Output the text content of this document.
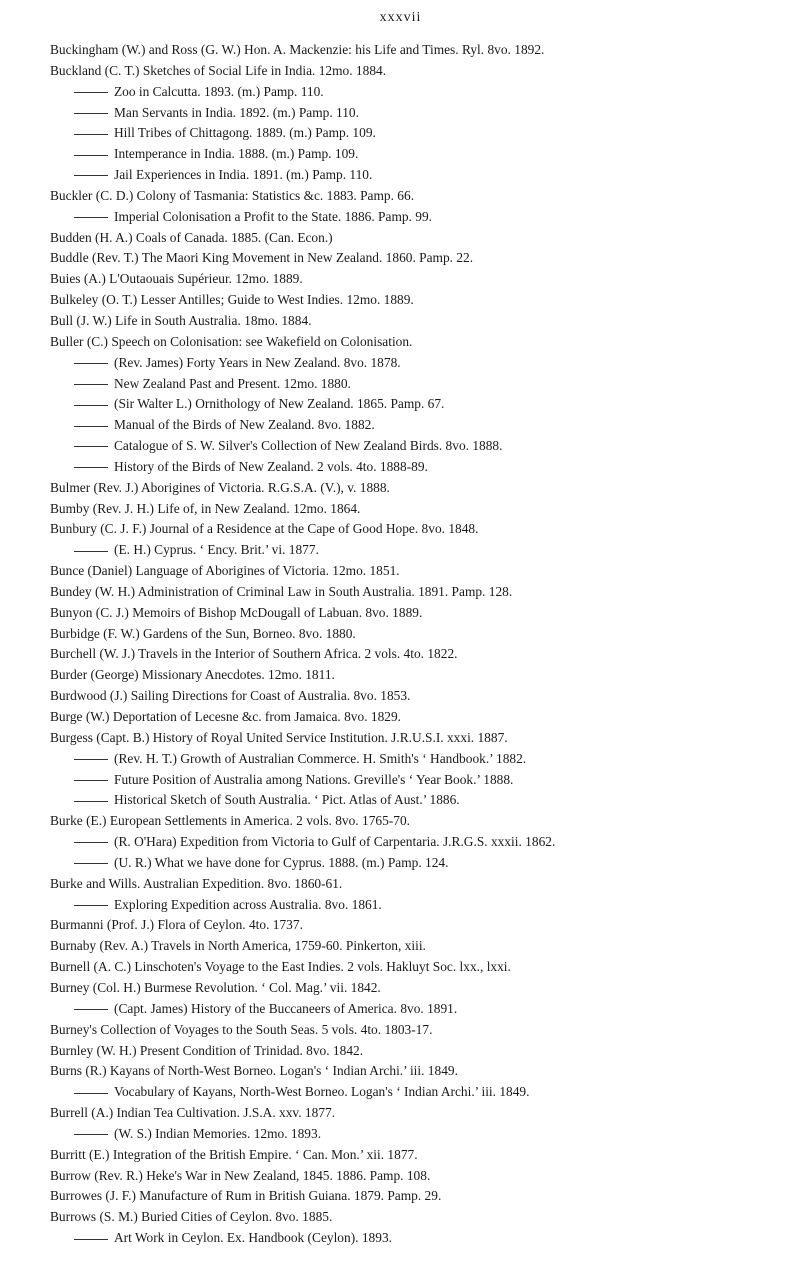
xxxvii
Buckingham (W.) and Ross (G. W.) Hon. A. Mackenzie: his Life and Times. Ryl. 8vo. 1892.
Buckland (C. T.) Sketches of Social Life in India. 12mo. 1884.
Zoo in Calcutta. 1893. (m.) Pamp. 110.
Man Servants in India. 1892. (m.) Pamp. 110.
Hill Tribes of Chittagong. 1889. (m.) Pamp. 109.
Intemperance in India. 1888. (m.) Pamp. 109.
Jail Experiences in India. 1891. (m.) Pamp. 110.
Buckler (C. D.) Colony of Tasmania: Statistics &c. 1883. Pamp. 66.
Imperial Colonisation a Profit to the State. 1886. Pamp. 99.
Budden (H. A.) Coals of Canada. 1885. (Can. Econ.)
Buddle (Rev. T.) The Maori King Movement in New Zealand. 1860. Pamp. 22.
Buies (A.) L'Outaouais Supérieur. 12mo. 1889.
Bulkeley (O. T.) Lesser Antilles; Guide to West Indies. 12mo. 1889.
Bull (J. W.) Life in South Australia. 18mo. 1884.
Buller (C.) Speech on Colonisation: see Wakefield on Colonisation.
(Rev. James) Forty Years in New Zealand. 8vo. 1878.
New Zealand Past and Present. 12mo. 1880.
(Sir Walter L.) Ornithology of New Zealand. 1865. Pamp. 67.
Manual of the Birds of New Zealand. 8vo. 1882.
Catalogue of S. W. Silver's Collection of New Zealand Birds. 8vo. 1888.
History of the Birds of New Zealand. 2 vols. 4to. 1888-89.
Bulmer (Rev. J.) Aborigines of Victoria. R.G.S.A. (V.), v. 1888.
Bumby (Rev. J. H.) Life of, in New Zealand. 12mo. 1864.
Bunbury (C. J. F.) Journal of a Residence at the Cape of Good Hope. 8vo. 1848.
(E. H.) Cyprus. ‘ Ency. Brit.’ vi. 1877.
Bunce (Daniel) Language of Aborigines of Victoria. 12mo. 1851.
Bundey (W. H.) Administration of Criminal Law in South Australia. 1891. Pamp. 128.
Bunyon (C. J.) Memoirs of Bishop McDougall of Labuan. 8vo. 1889.
Burbidge (F. W.) Gardens of the Sun, Borneo. 8vo. 1880.
Burchell (W. J.) Travels in the Interior of Southern Africa. 2 vols. 4to. 1822.
Burder (George) Missionary Anecdotes. 12mo. 1811.
Burdwood (J.) Sailing Directions for Coast of Australia. 8vo. 1853.
Burge (W.) Deportation of Lecesne &c. from Jamaica. 8vo. 1829.
Burgess (Capt. B.) History of Royal United Service Institution. J.R.U.S.I. xxxi. 1887.
(Rev. H. T.) Growth of Australian Commerce. H. Smith's ‘ Handbook.’ 1882.
Future Position of Australia among Nations. Greville's ‘ Year Book.’ 1888.
Historical Sketch of South Australia. ‘ Pict. Atlas of Aust.’ 1886.
Burke (E.) European Settlements in America. 2 vols. 8vo. 1765-70.
(R. O'Hara) Expedition from Victoria to Gulf of Carpentaria. J.R.G.S. xxxii. 1862.
(U. R.) What we have done for Cyprus. 1888. (m.) Pamp. 124.
Burke and Wills. Australian Expedition. 8vo. 1860-61.
Exploring Expedition across Australia. 8vo. 1861.
Burmanni (Prof. J.) Flora of Ceylon. 4to. 1737.
Burnaby (Rev. A.) Travels in North America, 1759-60. Pinkerton, xiii.
Burnell (A. C.) Linschoten's Voyage to the East Indies. 2 vols. Hakluyt Soc. lxx., lxxi.
Burney (Col. H.) Burmese Revolution. ‘ Col. Mag.’ vii. 1842.
(Capt. James) History of the Buccaneers of America. 8vo. 1891.
Burney's Collection of Voyages to the South Seas. 5 vols. 4to. 1803-17.
Burnley (W. H.) Present Condition of Trinidad. 8vo. 1842.
Burns (R.) Kayans of North-West Borneo. Logan's ‘ Indian Archi.’ iii. 1849.
Vocabulary of Kayans, North-West Borneo. Logan's ‘ Indian Archi.’ iii. 1849.
Burrell (A.) Indian Tea Cultivation. J.S.A. xxv. 1877.
(W. S.) Indian Memories. 12mo. 1893.
Burritt (E.) Integration of the British Empire. ‘ Can. Mon.’ xii. 1877.
Burrow (Rev. R.) Heke's War in New Zealand, 1845. 1886. Pamp. 108.
Burrowes (J. F.) Manufacture of Rum in British Guiana. 1879. Pamp. 29.
Burrows (S. M.) Buried Cities of Ceylon. 8vo. 1885.
Art Work in Ceylon. Ex. Handbook (Ceylon). 1893.
